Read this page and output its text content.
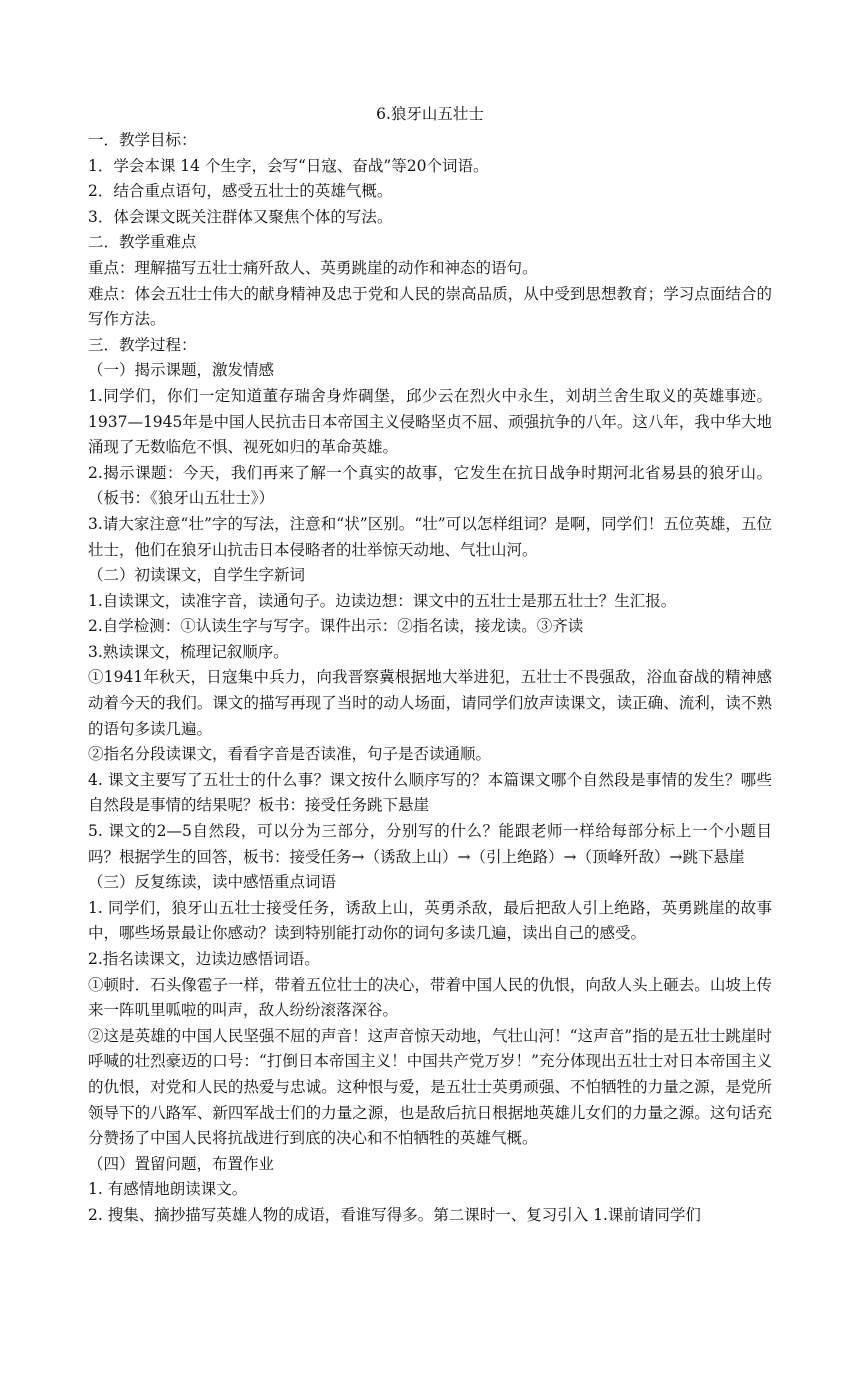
6.狼牙山五壮士

一．教学目标：

1．学会本课 14 个生字，会写“日寇、奋战”等20个词语。

2．结合重点语句，感受五壮士的英雄气概。

3．体会课文既关注群体又聚焦个体的写法。

二．教学重难点

重点：理解描写五壮士痛歼敌人、英勇跳崖的动作和神态的语句。

难点：体会五壮士伟大的献身精神及忠于党和人民的崇高品质，从中受到思想教育；学习点面结合的写作方法。

三．教学过程：

（一）揭示课题，激发情感

1.同学们，你们一定知道董存瑞舍身炸碉堡，邱少云在烈火中永生，刘胡兰舍生取义的英雄事迹。1937—1945年是中国人民抗击日本帝国主义侵略坚贞不屈、顽强抗争的八年。这八年，我中华大地涌现了无数临危不惧、视死如归的革命英雄。

2.揭示课题：今天，我们再来了解一个真实的故事，它发生在抗日战争时期河北省易县的狼牙山。（板书：《狼牙山五壮士》）

3.请大家注意“壮”字的写法，注意和“状”区别。“壮”可以怎样组词？是啊，同学们！五位英雄，五位壮士，他们在狼牙山抗击日本侵略者的壮举惊天动地、气壮山河。

（二）初读课文，自学生字新词

1.自读课文，读准字音，读通句子。边读边想：课文中的五壮士是那五壮士？生汇报。

2.自学检测：①认读生字与写字。课件出示：②指名读，接龙读。③齐读

3.熟读课文，梳理记叙顺序。

①1941年秋天，日寇集中兵力，向我晋察冀根据地大举进犯，五壮士不畏强敌，浴血奋战的精神感动着今天的我们。课文的描写再现了当时的动人场面，请同学们放声读课文，读正确、流利，读不熟的语句多读几遍。

②指名分段读课文，看看字音是否读准，句子是否读通顺。

4. 课文主要写了五壮士的什么事？课文按什么顺序写的？本篇课文哪个自然段是事情的发生？哪些自然段是事情的结果呢？板书：接受任务跳下悬崖

5. 课文的2—5自然段，可以分为三部分，分别写的什么？能跟老师一样给每部分标上一个小题目吗？根据学生的回答，板书：接受任务→（诱敌上山）→（引上绝路）→（顶峰歼敌）→跳下悬崖

（三）反复练读，读中感悟重点词语

1. 同学们，狼牙山五壮士接受任务，诱敌上山，英勇杀敌，最后把敌人引上绝路，英勇跳崖的故事中，哪些场景最让你感动？读到特别能打动你的词句多读几遍，读出自己的感受。

2.指名读课文，边读边感悟词语。

①顿时．石头像雹子一样，带着五位壮士的决心，带着中国人民的仇恨，向敌人头上砸去。山坡上传来一阵叽里呱啦的叫声，敌人纷纷滚落深谷。

②这是英雄的中国人民坚强不屈的声音！这声音惊天动地，气壮山河！“这声音”指的是五壮士跳崖时呼喊的壮烈豪迈的口号：“打倒日本帝国主义！中国共产党万岁！”充分体现出五壮士对日本帝国主义的仇恨，对党和人民的热爱与忠诚。这种恨与爱，是五壮士英勇顽强、不怕牺牲的力量之源，是党所领导下的八路军、新四军战士们的力量之源，也是敌后抗日根据地英雄儿女们的力量之源。这句话充分赞扬了中国人民将抗战进行到底的决心和不怕牺牲的英雄气概。

（四）置留问题，布置作业

1. 有感情地朗读课文。

2. 搜集、摘抄描写英雄人物的成语，看谁写得多。第二课时一、复习引入 1.课前请同学们
